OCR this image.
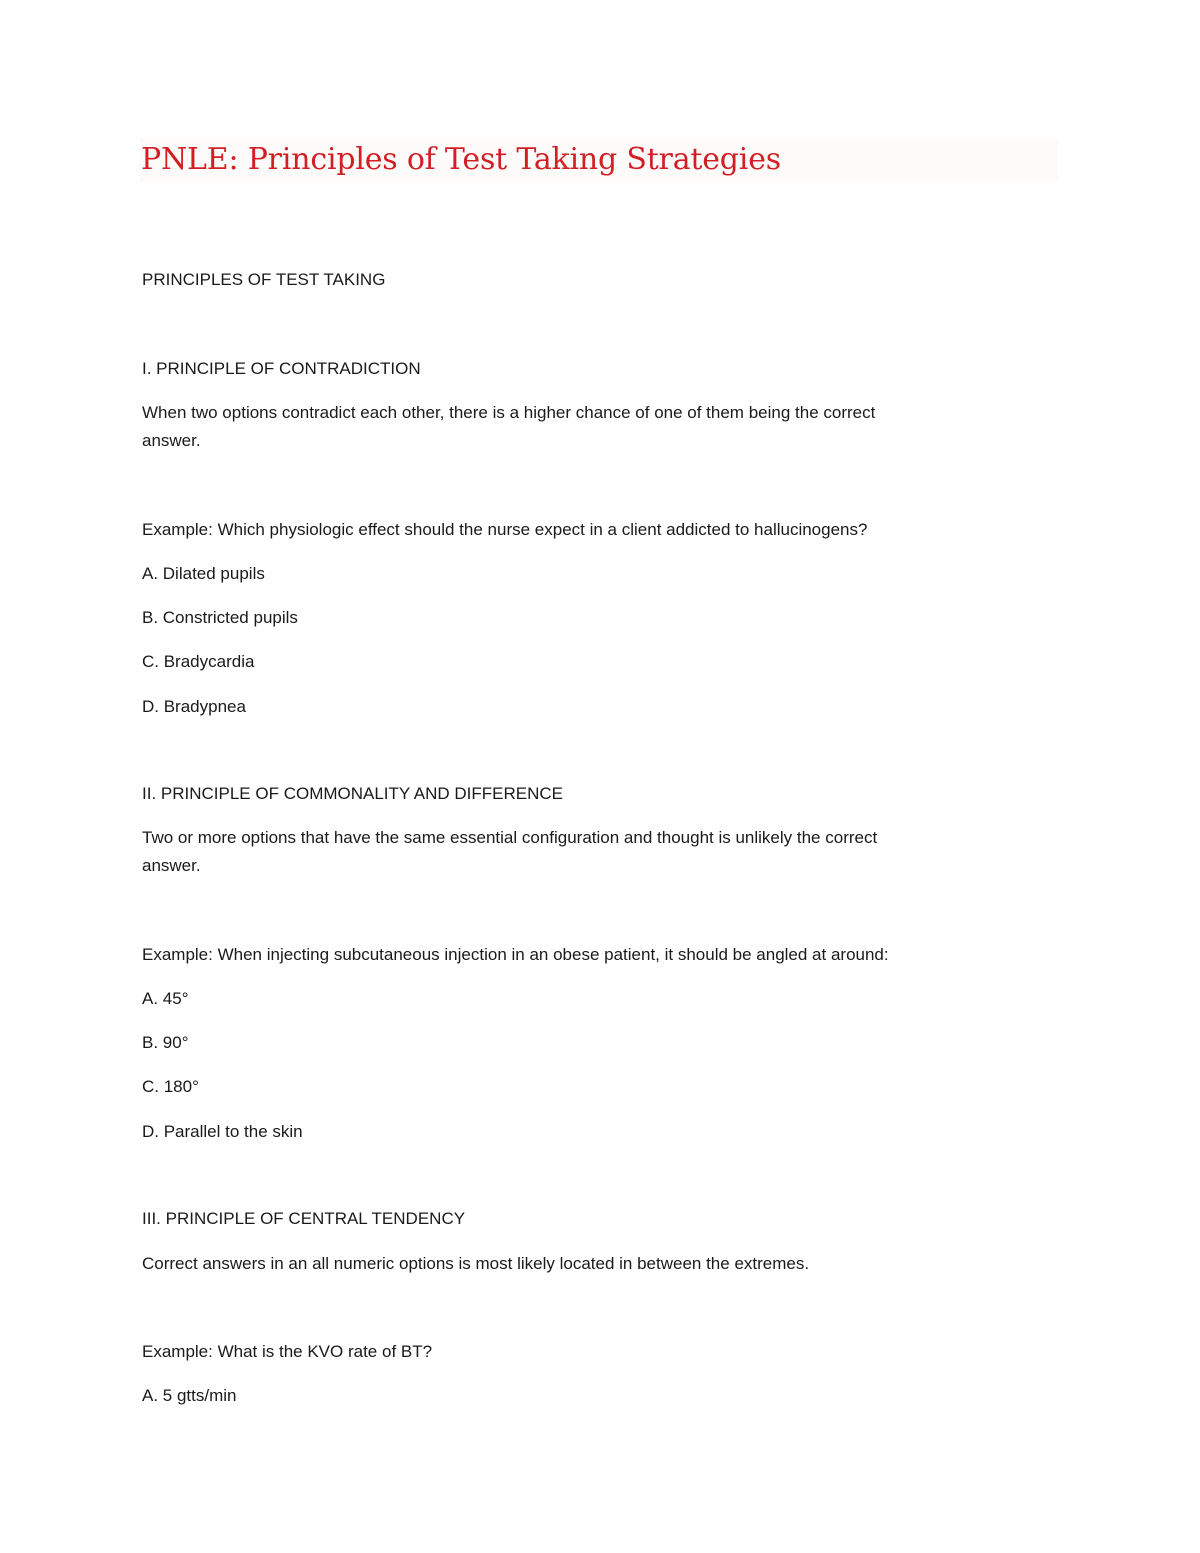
PNLE: Principles of Test Taking Strategies

PRINCIPLES OF TEST TAKING

I. PRINCIPLE OF CONTRADICTION

When two options contradict each other, there is a higher chance of one of them being the correct

answer.

Example: Which physiologic effect should the nurse expect in a client addicted to hallucinogens?

A. Dilated pupils

B. Constricted pupils

C. Bradycardia

D. Bradypnea

II. PRINCIPLE OF COMMONALITY AND DIFFERENCE

Two or more options that have the same essential configuration and thought is unlikely the correct

answer.

Example: When injecting subcutaneous injection in an obese patient, it should be angled at around:

A. 45°

B. 90°

C. 180°

D. Parallel to the skin

III. PRINCIPLE OF CENTRAL TENDENCY

Correct answers in an all numeric options is most likely located in between the extremes.

Example: What is the KVO rate of BT?

A. 5 gtts/min
